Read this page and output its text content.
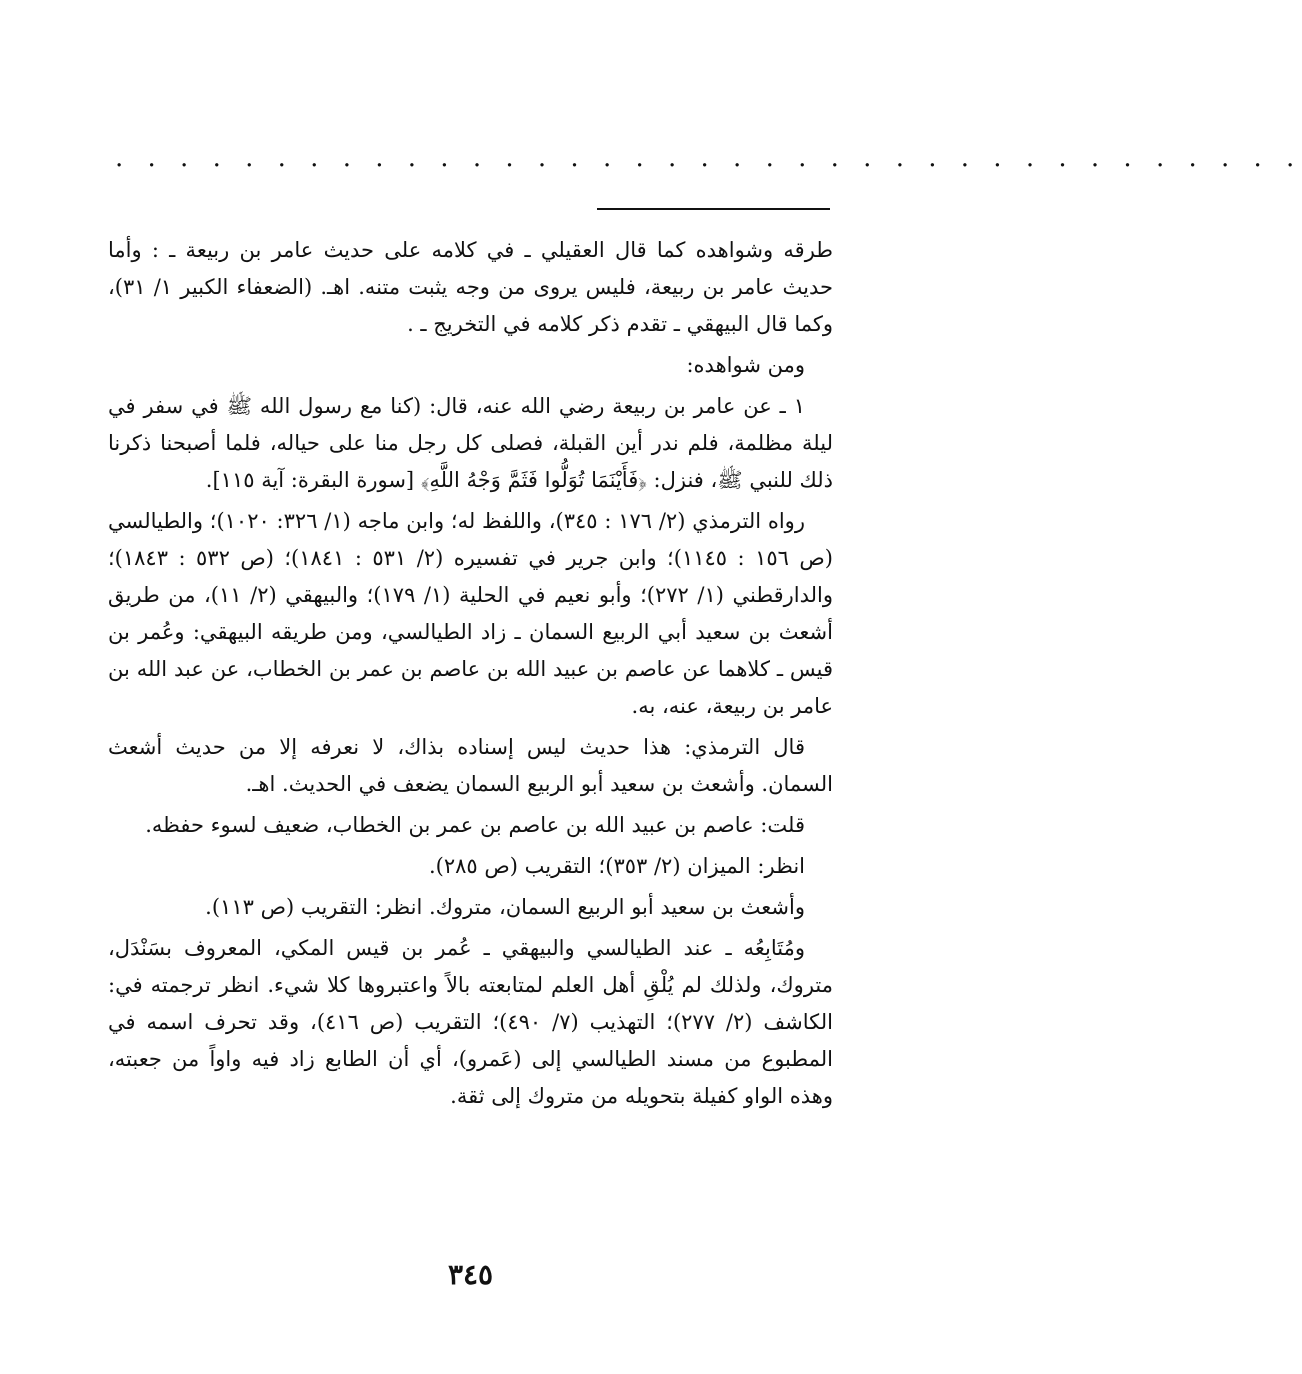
. . . . . . . . . . . . . . . . . . . . . . . . . . . . . . . . . . . . .

طرقه وشواهده كما قال العقيلي ـ في كلامه على حديث عامر بن ربيعة ـ : وأما حديث عامر بن ربيعة، فليس يروى من وجه يثبت متنه. اهـ. (الضعفاء الكبير ١/ ٣١)، وكما قال البيهقي ـ تقدم ذكر كلامه في التخريج ـ .

ومن شواهده:

١ ـ عن عامر بن ربيعة رضي الله عنه، قال: (كنا مع رسول الله ﷺ في سفر في ليلة مظلمة، فلم ندر أين القبلة، فصلى كل رجل منا على حياله، فلما أصبحنا ذكرنا ذلك للنبي ﷺ، فنزل: ﴿فَأَيْنَمَا تُوَلُّوا فَثَمَّ وَجْهُ اللَّهِ﴾ [سورة البقرة: آية ١١٥].

رواه الترمذي (٢/ ١٧٦ : ٣٤٥)، واللفظ له؛ وابن ماجه (١/ ٣٢٦: ١٠٢٠)؛ والطيالسي (ص ١٥٦ : ١١٤٥)؛ وابن جرير في تفسيره (٢/ ٥٣١ : ١٨٤١)؛ (ص ٥٣٢ : ١٨٤٣)؛ والدارقطني (١/ ٢٧٢)؛ وأبو نعيم في الحلية (١/ ١٧٩)؛ والبيهقي (٢/ ١١)، من طريق أشعث بن سعيد أبي الربيع السمان ـ زاد الطيالسي، ومن طريقه البيهقي: وعُمر بن قيس ـ كلاهما عن عاصم بن عبيد الله بن عاصم بن عمر بن الخطاب، عن عبد الله بن عامر بن ربيعة، عنه، به.

قال الترمذي: هذا حديث ليس إسناده بذاك، لا نعرفه إلا من حديث أشعث السمان. وأشعث بن سعيد أبو الربيع السمان يضعف في الحديث. اهـ.

قلت: عاصم بن عبيد الله بن عاصم بن عمر بن الخطاب، ضعيف لسوء حفظه.

انظر: الميزان (٢/ ٣٥٣)؛ التقريب (ص ٢٨٥).

وأشعث بن سعيد أبو الربيع السمان، متروك. انظر: التقريب (ص ١١٣).

ومُتَابِعُه ـ عند الطيالسي والبيهقي ـ عُمر بن قيس المكي، المعروف بسَنْدَل، متروك، ولذلك لم يُلْقِ أهل العلم لمتابعته بالاً واعتبروها كلا شيء. انظر ترجمته في: الكاشف (٢/ ٢٧٧)؛ التهذيب (٧/ ٤٩٠)؛ التقريب (ص ٤١٦)، وقد تحرف اسمه في المطبوع من مسند الطيالسي إلى (عَمرو)، أي أن الطابع زاد فيه واواً من جعبته، وهذه الواو كفيلة بتحويله من متروك إلى ثقة.

٣٤٥
